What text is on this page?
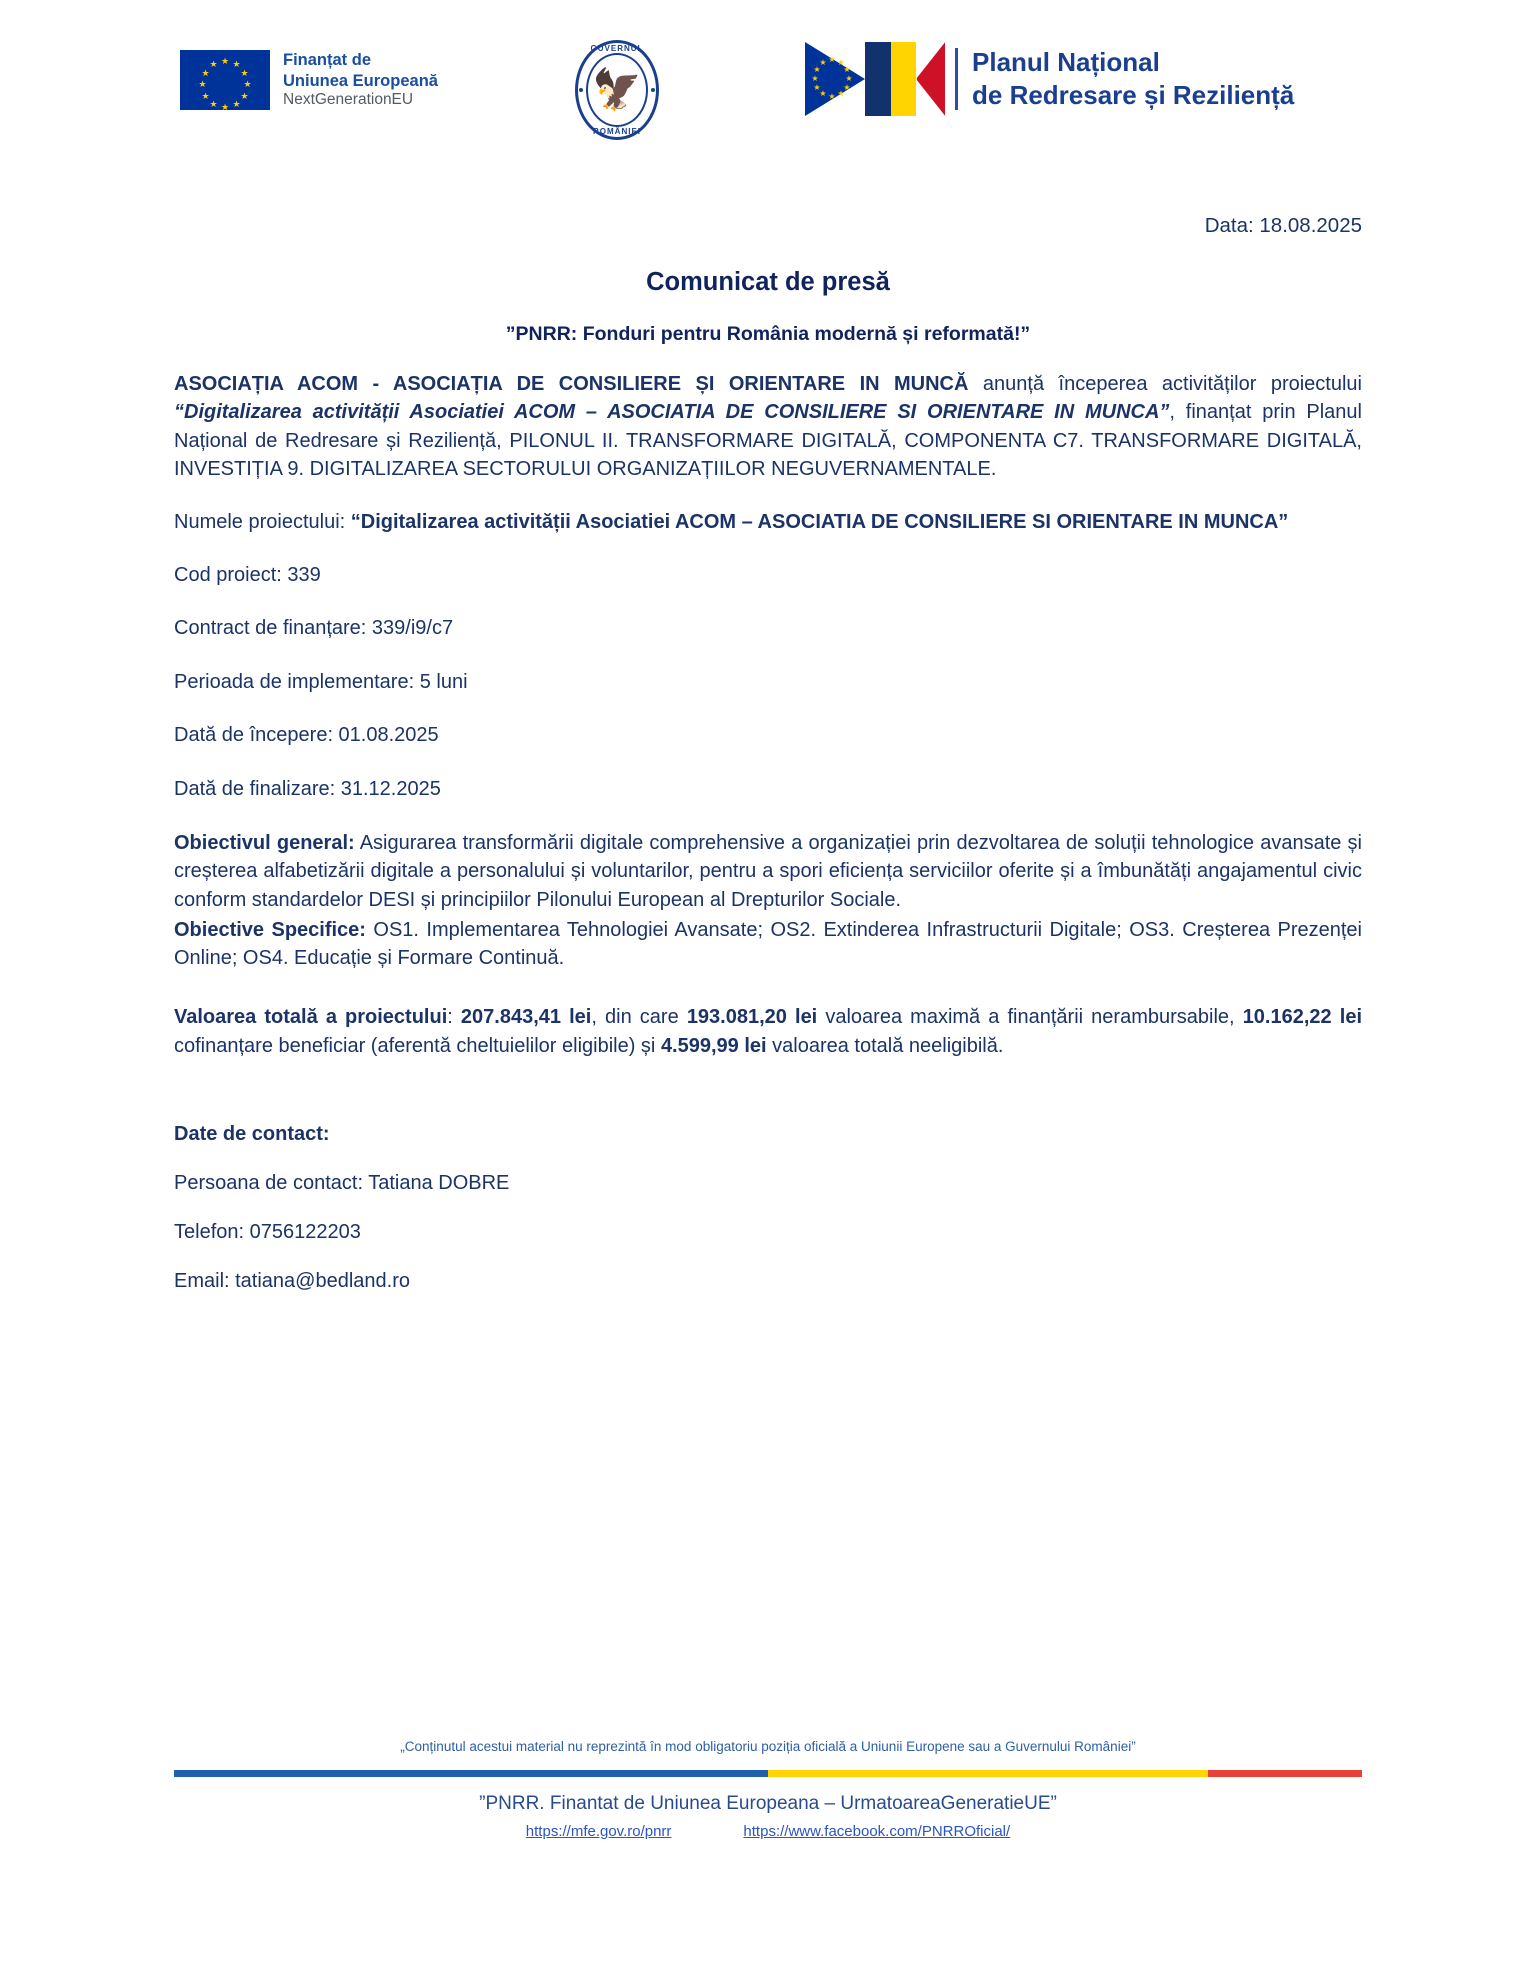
★ ★
★
★
★
★
★
★
★
★
★
★	Finanțat de
Uniunea Europeană
NextGenerationEU
GUVERNUL
🦅
ROMÂNIEI
★ ★
★
★
★
★
★
★
★
★
★
★	Planul Național
de Redresare și Reziliență
Data: 18.08.2025
Comunicat de presă
”PNRR: Fonduri pentru România modernă și reformată!”

ASOCIAȚIA ACOM - ASOCIAȚIA DE CONSILIERE ȘI ORIENTARE IN MUNCĂ anunță începerea activităților proiectului “Digitalizarea activității Asociatiei ACOM – ASOCIATIA DE CONSILIERE SI ORIENTARE IN MUNCA”, finanțat prin Planul Național de Redresare și Reziliență, PILONUL II. TRANSFORMARE DIGITALĂ, COMPONENTA C7. TRANSFORMARE DIGITALĂ, INVESTIȚIA 9. DIGITALIZAREA SECTORULUI ORGANIZAȚIILOR NEGUVERNAMENTALE.

Numele proiectului: “Digitalizarea activității Asociatiei ACOM – ASOCIATIA DE CONSILIERE SI ORIENTARE IN MUNCA”

Cod proiect: 339
Contract de finanțare: 339/i9/c7
Perioada de implementare: 5 luni
Dată de începere: 01.08.2025
Dată de finalizare: 31.12.2025

Obiectivul general: Asigurarea transformării digitale comprehensive a organizației prin dezvoltarea de soluții tehnologice avansate și creșterea alfabetizării digitale a personalului și voluntarilor, pentru a spori eficiența serviciilor oferite și a îmbunătăți angajamentul civic conform standardelor DESI și principiilor Pilonului European al Drepturilor Sociale.

Obiective Specifice: OS1. Implementarea Tehnologiei Avansate; OS2. Extinderea Infrastructurii Digitale; OS3. Creșterea Prezenței Online; OS4. Educație și Formare Continuă.

Valoarea totală a proiectului: 207.843,41 lei, din care 193.081,20 lei valoarea maximă a finanțării nerambursabile, 10.162,22 lei cofinanțare beneficiar (aferentă cheltuielilor eligibile) și 4.599,99 lei valoarea totală neeligibilă.

Date de contact:
Persoana de contact: Tatiana DOBRE
Telefon: 0756122203
Email: tatiana@bedland.ro

„Conținutul acestui material nu reprezintă în mod obligatoriu poziția oficială a Uniunii Europene sau a Guvernului României”

”PNRR. Finantat de Uniunea Europeana – UrmatoareaGeneratieUE”

https://mfe.gov.ro/pnrr	https://www.facebook.com/PNRROficial/
